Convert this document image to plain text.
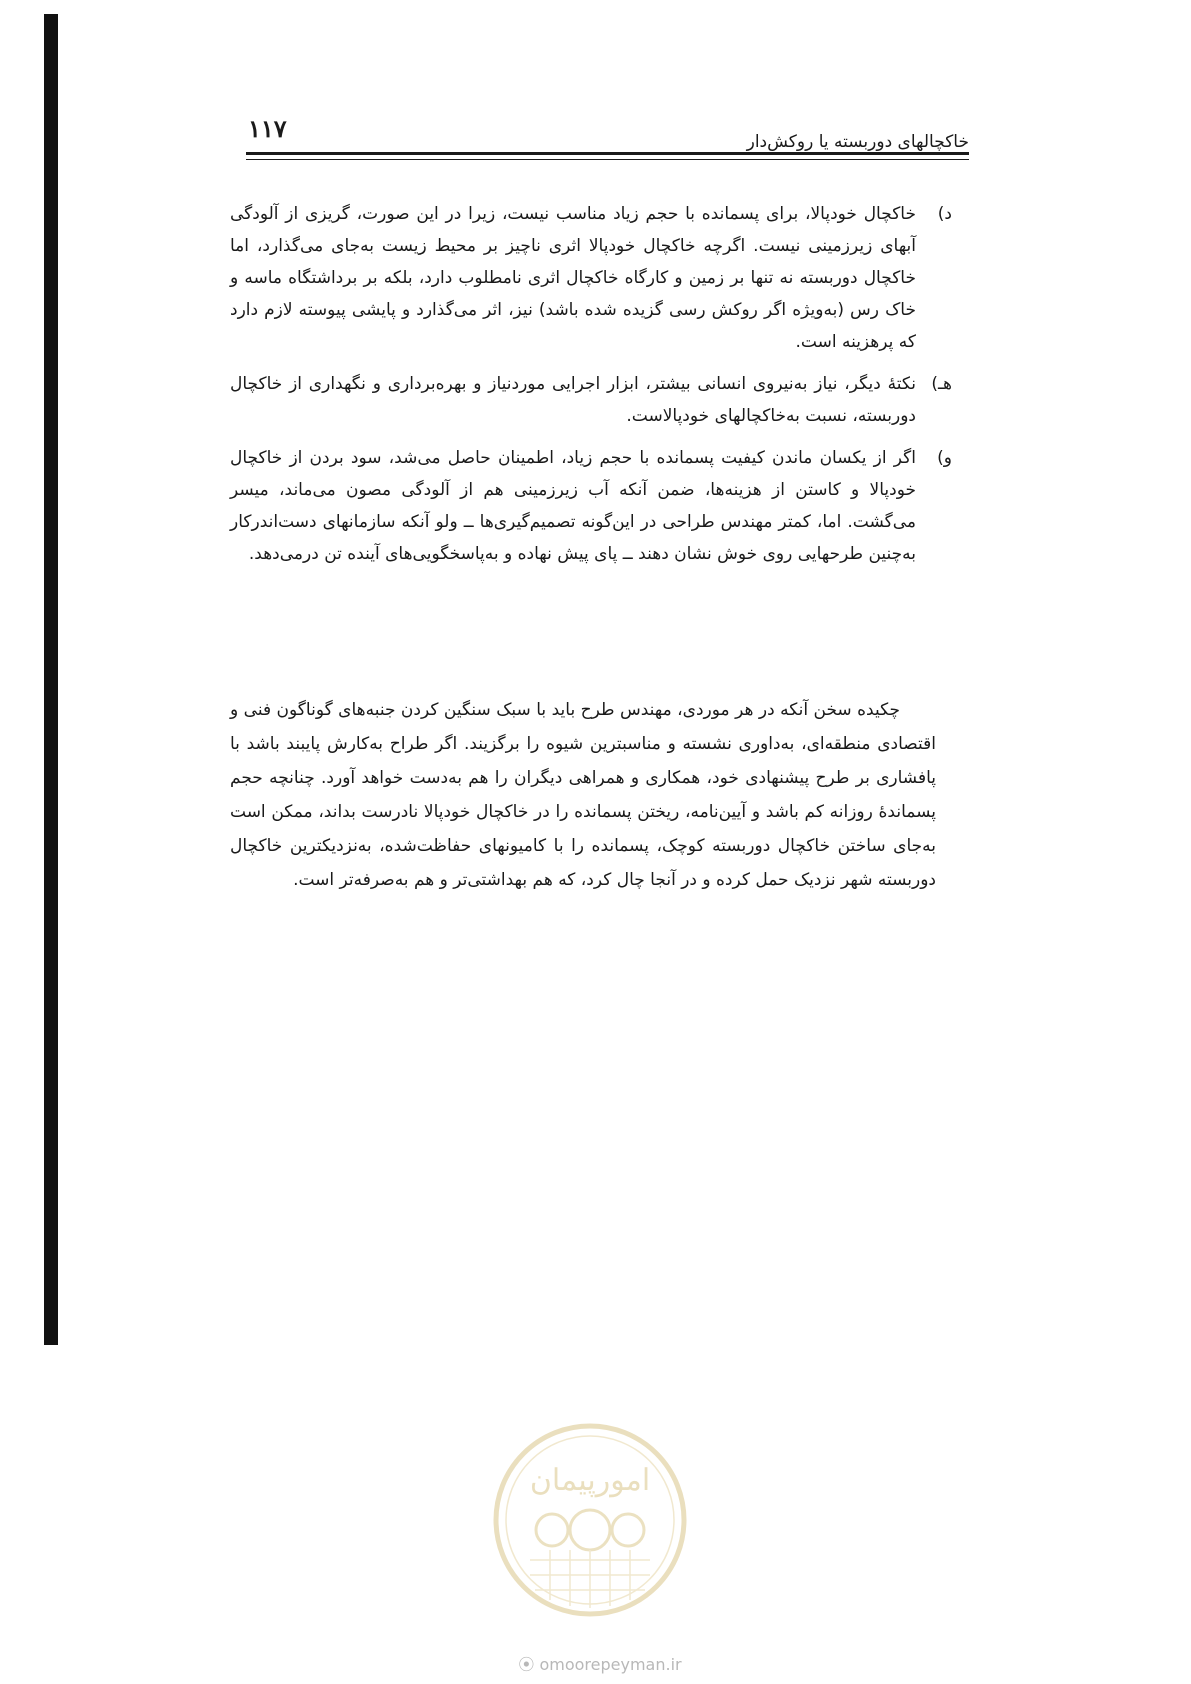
۱۱۷	خاکچالهای دوربسته یا روکش‌دار
د)
خاکچال خودپالا، برای پسمانده با حجم زیاد مناسب نیست، زیرا در این صورت، گریزی از آلودگی آبهای زیرزمینی نیست. اگرچه خاکچال خودپالا اثری ناچیز بر محیط زیست به‌جای می‌گذارد، اما خاکچال دوربسته نه تنها بر زمین و کارگاه خاکچال اثری نامطلوب دارد، بلکه بر برداشتگاه ماسه و خاک رس (به‌ویژه اگر روکش رسی گزیده شده باشد) نیز، اثر می‌گذارد و پایشی پیوسته لازم دارد که پرهزینه است.
هـ)
نکتهٔ دیگر، نیاز به‌نیروی انسانی بیشتر، ابزار اجرایی موردنیاز و بهره‌برداری و نگهداری از خاکچال دوربسته، نسبت به‌خاکچالهای خودپالاست.
و)
اگر از یکسان ماندن کیفیت پسمانده با حجم زیاد، اطمینان حاصل می‌شد، سود بردن از خاکچال خودپالا و کاستن از هزینه‌ها، ضمن آنکه آب زیرزمینی هم از آلودگی مصون می‌ماند، میسر می‌گشت. اما، کمتر مهندس طراحی در این‌گونه تصمیم‌گیری‌ها ــ ولو آنکه سازمانهای دست‌اندرکار به‌چنین طرحهایی روی خوش نشان دهند ــ پای پیش نهاده و به‌پاسخگویی‌های آینده تن درمی‌دهد.
چکیده سخن آنکه در هر موردی، مهندس طرح باید با سبک سنگین کردن جنبه‌های گوناگون فنی و اقتصادی منطقه‌ای، به‌داوری نشسته و مناسبترین شیوه را برگزیند. اگر طراح به‌کارش پایبند باشد با پافشاری بر طرح پیشنهادی خود، همکاری و همراهی دیگران را هم به‌دست خواهد آورد. چنانچه حجم پسماندهٔ روزانه کم باشد و آیین‌نامه، ریختن پسمانده را در خاکچال خودپالا نادرست بداند، ممکن است به‌جای ساختن خاکچال دوربسته کوچک، پسمانده را با کامیونهای حفاظت‌شده، به‌نزدیکترین خاکچال دوربسته شهر نزدیک حمل کرده و در آنجا چال کرد، که هم بهداشتی‌تر و هم به‌صرفه‌تر است.
امورپیمان
⦿ omoorepeyman.ir
